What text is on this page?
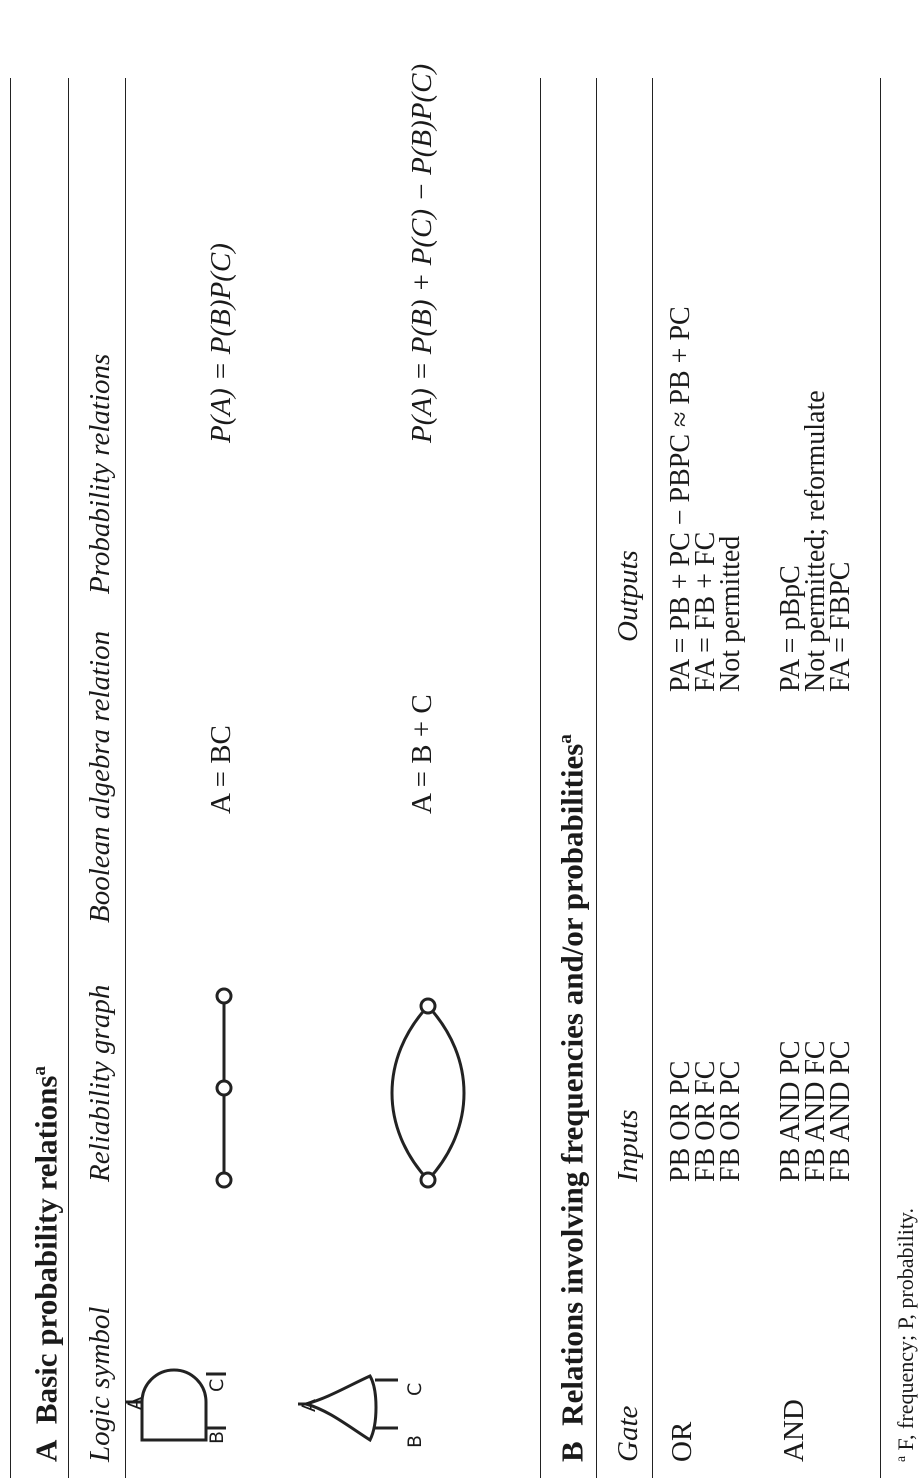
A  Basic probability relations$^a$
Logic symbol
Reliability graph
Boolean algebra relation
Probability relations
A
B
C
A = BC
P(A) = P(B)P(C)
A
B
C
A = B + C
P(A) = P(B) + P(C) − P(B)P(C)
B  Relations involving frequencies and/or probabilities$^a$
Gate
Inputs
Outputs
OR
PB OR PC
FB OR FC
FB OR PC
PA = PB + PC − PBPC ≈ PB + PC
FA = FB + FC
Not permitted
AND
PB AND PC
FB AND FC
FB AND PC
PA = pBpC
Not permitted; reformulate
FA = FBPC
$^a$ F, frequency; P, probability.
